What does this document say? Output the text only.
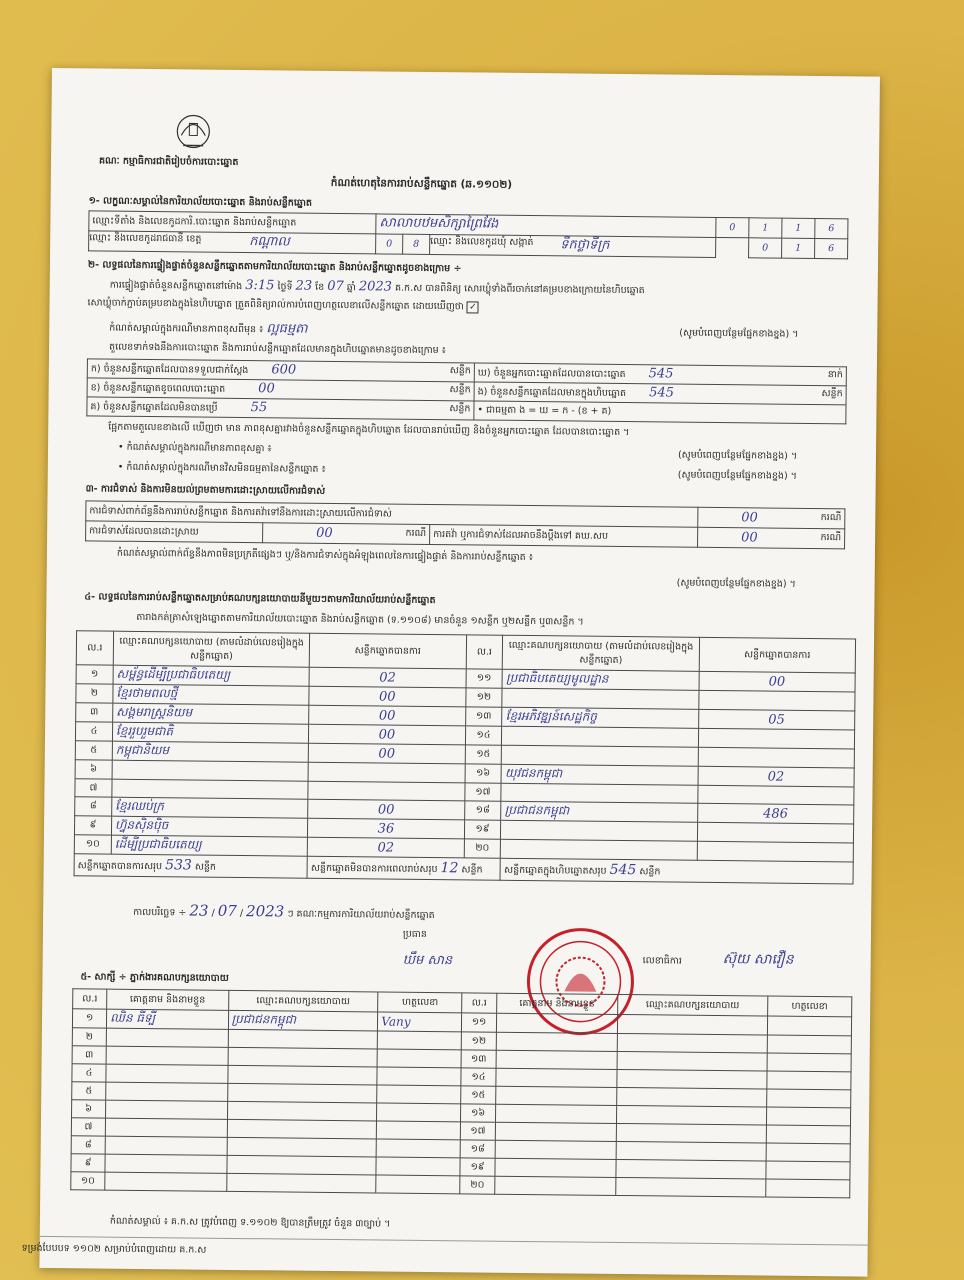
គណៈ កម្មាធិការជាតិរៀបចំការបោះឆ្នោត
កំណត់ហេតុនៃការរាប់សន្លឹកឆ្នោត (ឆ.១១០២)
១- លក្ខណៈសម្គាល់នៃការិយាល័យបោះឆ្នោត និងរាប់សន្លឹកឆ្នោត
ឈ្មោះទីតាំង និងលេខកូដការិ.បោះឆ្នោត និងរាប់សន្លឹកឆ្នោត	សាលាបឋមសិក្សាព្រៃវែង			0	1	1	6

ឈ្មោះ និងលេខកូដរាជធានី ខេត្ត កណ្ដាល	0	8	ឈ្មោះ និងលេខកូដឃុំ សង្កាត់ ទឹកថ្លាទីក្រ		0	1	6
២- លទ្ធផលនៃការផ្ទៀងផ្ទាត់ចំនួនសន្លឹកឆ្នោតតាមការិយាល័យបោះឆ្នោត និងរាប់សន្លឹកឆ្នោតដូចខាងក្រោម ÷
ការផ្ទៀងផ្ទាត់ចំនួនសន្លឹកឆ្នោតនៅម៉ោង 3:15 ថ្ងៃទី 23 ខែ 07 ឆ្នាំ 2023 គ.ក.ស បានពិនិត្យ សោរឃ្លុំទាំងពីរចាក់នៅគម្របខាងក្រោយនៃហិបឆ្នោត
សោឃ្លុំចាក់ភ្ជាប់គម្របខាងក្នុងនៃហិបឆ្នោត ត្រួតពិនិត្យរាល់ការបំពេញហត្ថលេខាលើសន្លឹកឆ្នោត ដោយឃើញថា ✓
កំណត់សម្គាល់ក្នុងករណីមានភាពខុសពីមុន ៖ ល្អធម្មតា	(សូមបំពេញបន្ថែមផ្នែកខាងខ្នង) ។
តួលេខទាក់ទងនឹងការបោះឆ្នោត និងការរាប់សន្លឹកឆ្នោតដែលមានក្នុងហិបឆ្នោតមានដូចខាងក្រោម ៖
ក) ចំនួនសន្លឹកឆ្នោតដែលបានទទួលជាក់ស្ដែង 600 សន្លឹក	ឃ) ចំនួនអ្នកបោះឆ្នោតដែលបានបោះឆ្នោត 545 នាក់

ខ) ចំនួនសន្លឹកឆ្នោតខូចពេលបោះឆ្នោត 00 សន្លឹក	ង) ចំនួនសន្លឹកឆ្នោតដែលមានក្នុងហិបឆ្នោត 545 សន្លឹក

គ) ចំនួនសន្លឹកឆ្នោតដែលមិនបានប្រើ 55 សន្លឹក	• ជាធម្មតា ង = ឃ = ក - (ខ + គ)
ផ្អែកតាមតួលេខខាងលើ ឃើញថា មាន ភាពខុសគ្នារវាងចំនួនសន្លឹកឆ្នោតក្នុងហិបឆ្នោត ដែលបានរាប់ឃើញ និងចំនួនអ្នកបោះឆ្នោត ដែលបានបោះឆ្នោត ។
• កំណត់សម្គាល់ក្នុងករណីមានភាពខុសគ្នា ៖
(សូមបំពេញបន្ថែមផ្នែកខាងខ្នង) ។
• កំណត់សម្គាល់ក្នុងករណីមានវិសមិនធម្មតានៃសន្លឹកឆ្នោត ៖
(សូមបំពេញបន្ថែមផ្នែកខាងខ្នង) ។
៣- ការជំទាស់ និងការមិនយល់ព្រមតាមការដោះស្រាយលើការជំទាស់
ការជំទាស់ពាក់ព័ន្ធនឹងការរាប់សន្លឹកឆ្នោត និងការតវ៉ាទៅនឹងការដោះស្រាយលើការជំទាស់			00 ករណី

ការជំទាស់ដែលបានដោះស្រាយ	00 ករណី	ការតវ៉ា ឬការជំទាស់ដែលអាចនឹងប្ដឹងទៅ គឃ.សប	00 ករណី
កំណត់សម្គាល់ពាក់ព័ន្ធនឹងភាពមិនប្រក្រតីផ្សេងៗ ឬ/និងការជំទាស់ក្នុងអំឡុងពេលនៃការផ្ទៀងផ្ទាត់ និងការរាប់សន្លឹកឆ្នោត ៖
(សូមបំពេញបន្ថែមផ្នែកខាងខ្នង) ។
៤- លទ្ធផលនៃការរាប់សន្លឹកឆ្នោតសម្រាប់គណបក្សនយោបាយនីមួយៗតាមការិយាល័យរាប់សន្លឹកឆ្នោត
តារាងកត់ត្រាសំឡេងឆ្នោតតាមការិយាល័យបោះឆ្នោត និងរាប់សន្លឹកឆ្នោត (ទ.១១០៨) មានចំនួន ១សន្លឹក ឬ២សន្លឹក ឬ៣សន្លឹក ។
ល.រ	ឈ្មោះគណបក្សនយោបាយ (តាមលំដាប់លេខរៀងក្នុងសន្លឹកឆ្នោត)	សន្លឹកឆ្នោតបានការ	ល.រ	ឈ្មោះគណបក្សនយោបាយ (តាមលំដាប់លេខរៀងក្នុងសន្លឹកឆ្នោត)	សន្លឹកឆ្នោតបានការ
១	សម្ព័ន្ធដើម្បីប្រជាធិបតេយ្យ	02	១១	ប្រជាធិបតេយ្យមូលដ្ឋាន	00
២	ខ្មែរថាមពលថ្មី	00	១២		
៣	សង្គមរាស្ត្រនិយម	00	១៣	ខ្មែរអភិវឌ្ឍន៍សេដ្ឋកិច្ច	05
៤	ខ្មែររួបរួមជាតិ	00	១៤		
៥	កម្ពុជានិយម	00	១៥		
៦			១៦	យុវជនកម្ពុជា	02
៧			១៧		
៨	ខ្មែរឈប់ក្រ	00	១៨	ប្រជាជនកម្ពុជា	486
៩	ហ្វ៊ុនស៊ិនប៉ិច	36	១៩		
១០	ដើម្បីប្រជាធិបតេយ្យ	02	២០		
សន្លឹកឆ្នោតបានការសរុប 533 សន្លឹក		សន្លឹកឆ្នោតមិនបានការពេលរាប់សរុប 12 សន្លឹក		សន្លឹកឆ្នោតក្នុងហិបឆ្នោតសរុប 545 សន្លឹក	
កាលបរិច្ឆេទ ÷ 23 / 07 / 2023 ៗ គណៈកម្មការការិយាល័យរាប់សន្លឹកឆ្នោត
ប្រធាន
ឃឹម សាន	លេខាធិការ	ស៊ុយ សាវឿន
៥- សាក្សី ÷ ភ្នាក់ងារគណបក្សនយោបាយ
ល.រ	គោត្តនាម និងនាមខ្លួន	ឈ្មោះគណបក្សនយោបាយ	ហត្ថលេខា	ល.រ	គោត្តនាម និងនាមខ្លួន	ឈ្មោះគណបក្សនយោបាយ	ហត្ថលេខា
១	ឈិន ធីទ្បី	ប្រជាជនកម្ពុជា	Vany	១១			
២				១២			
៣				១៣			
៤				១៤			
៥				១៥			
៦				១៦			
៧				១៧			
៨				១៨			
៩				១៩			
១០				២០			
កំណត់សម្គាល់ ៖ គ.ក.ស ត្រូវបំពេញ ទ.១១០២ ឱ្យបានត្រឹមត្រូវ ចំនួន ៣ច្បាប់ ។
ទម្រង់បែបបទ ១១០២ សម្រាប់បំពេញដោយ គ.ក.ស
